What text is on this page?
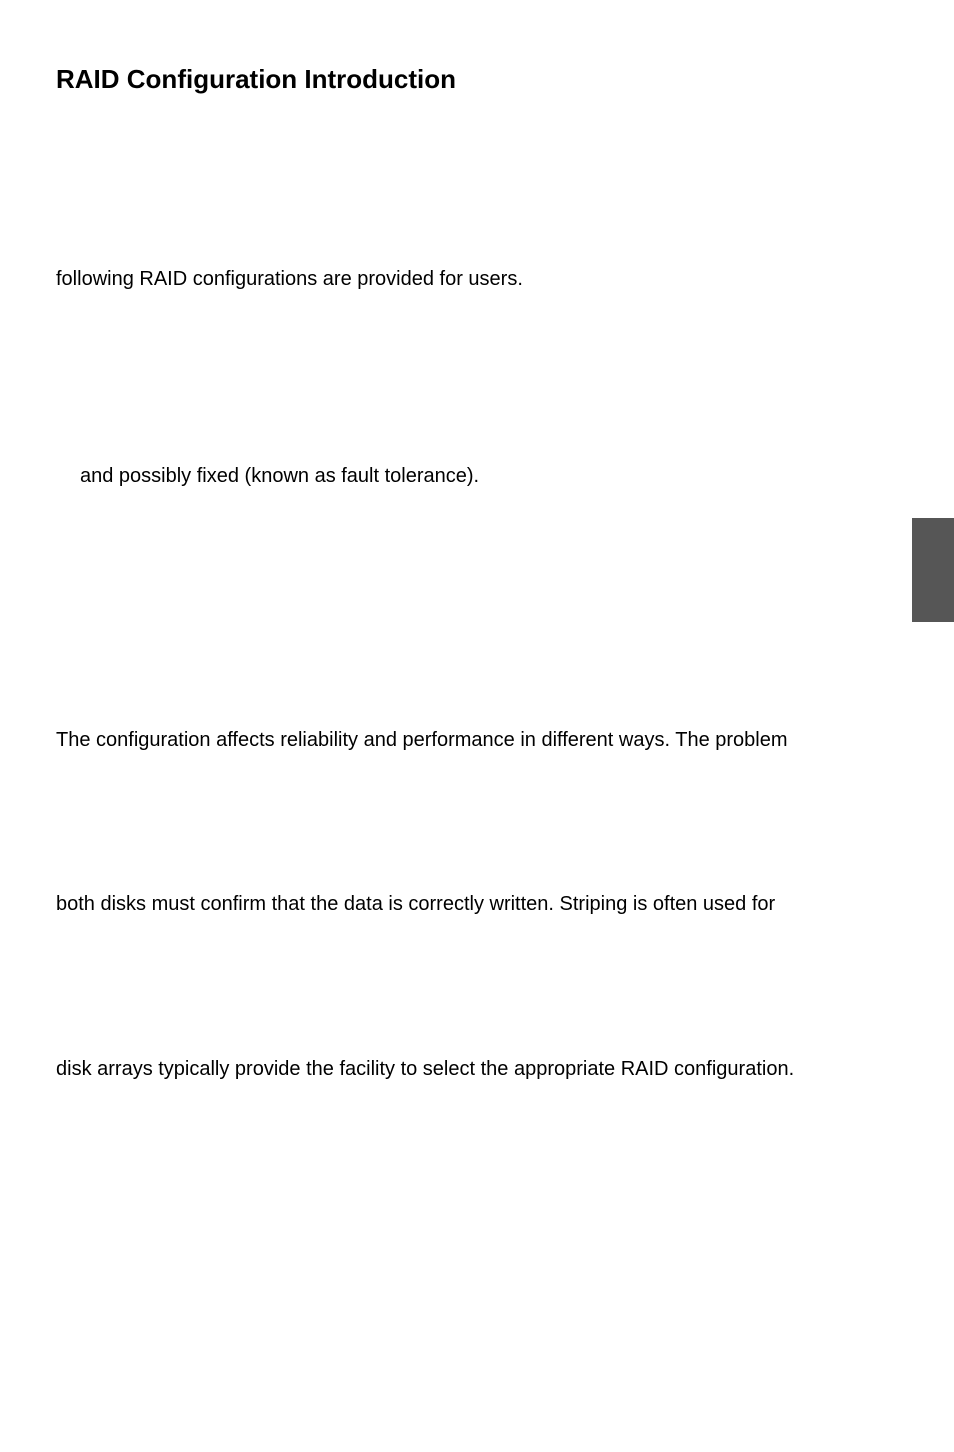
RAID Configuration Introduction
following RAID configurations are provided for users.
and possibly fixed (known as fault tolerance).
The configuration affects reliability and performance in different ways. The problem
both disks must confirm that the data is correctly written. Striping is often used for
disk arrays typically provide the facility to select the appropriate RAID configuration.
